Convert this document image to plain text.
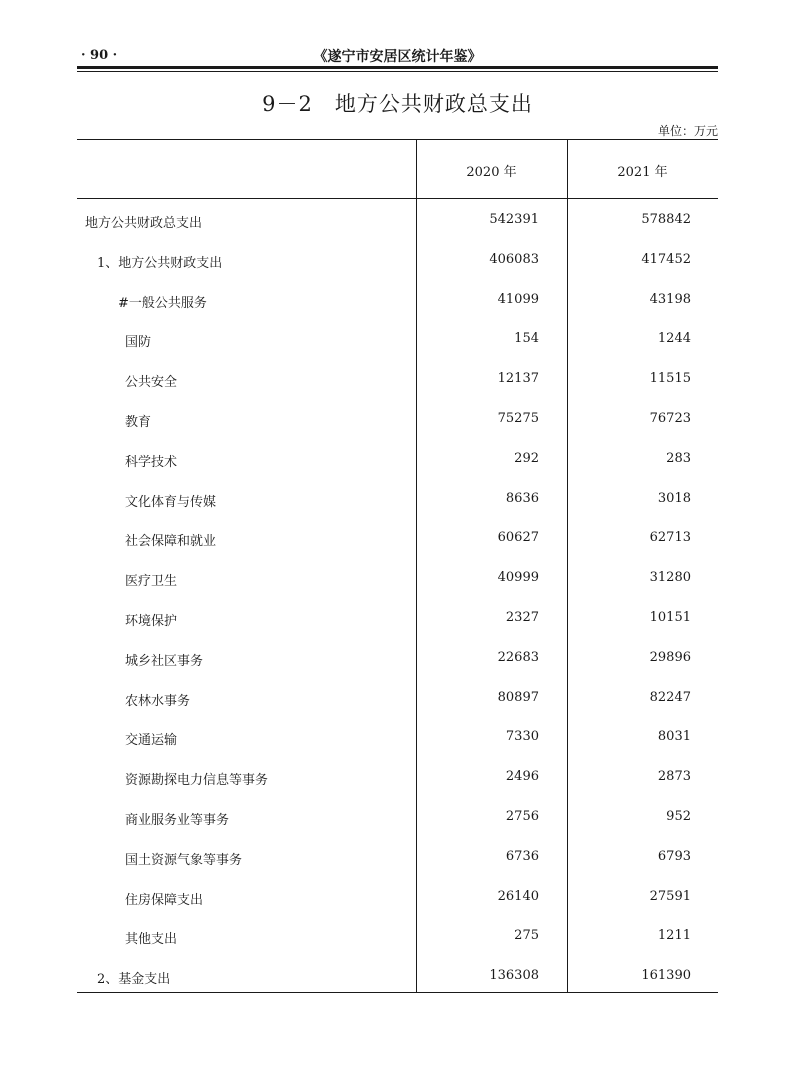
· 90 ·	《遂宁市安居区统计年鉴》
9－2 地方公共财政总支出
单位：万元
2020 年	2021 年
地方公共财政总支出	542391	578842
1、地方公共财政支出	406083	417452
#一般公共服务	41099	43198
国防	154	1244
公共安全	12137	11515
教育	75275	76723
科学技术	292	283
文化体育与传媒	8636	3018
社会保障和就业	60627	62713
医疗卫生	40999	31280
环境保护	2327	10151
城乡社区事务	22683	29896
农林水事务	80897	82247
交通运输	7330	8031
资源勘探电力信息等事务	2496	2873
商业服务业等事务	2756	952
国土资源气象等事务	6736	6793
住房保障支出	26140	27591
其他支出	275	1211
2、基金支出	136308	161390
